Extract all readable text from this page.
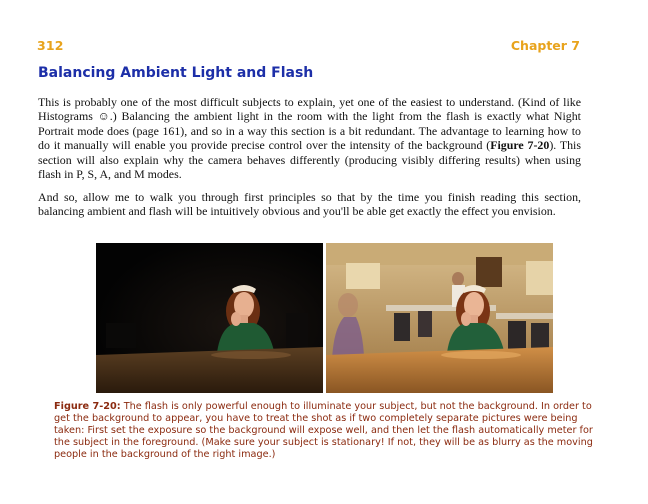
312	Chapter 7
Balancing Ambient Light and Flash

This is probably one of the most difficult subjects to explain, yet one of the easiest to understand. (Kind of like Histograms ☺.) Balancing the ambient light in the room with the light from the flash is exactly what Night Portrait mode does (page 161), and so in a way this section is a bit redundant. The advantage to learning how to do it manually will enable you provide precise control over the intensity of the background (Figure 7-20). This section will also explain why the camera behaves differently (producing visibly differing results) when using flash in P, S, A, and M modes.

And so, allow me to walk you through first principles so that by the time you finish reading this section, balancing ambient and flash will be intuitively obvious and you'll be able get exactly the effect you envision.

Figure 7-20: The flash is only powerful enough to illuminate your subject, but not the background. In order to get the background to appear, you have to treat the shot as if two completely separate pictures were being taken: First set the exposure so the background will expose well, and then let the flash automatically meter for the subject in the foreground. (Make sure your subject is stationary! If not, they will be as blurry as the moving people in the background of the right image.)
